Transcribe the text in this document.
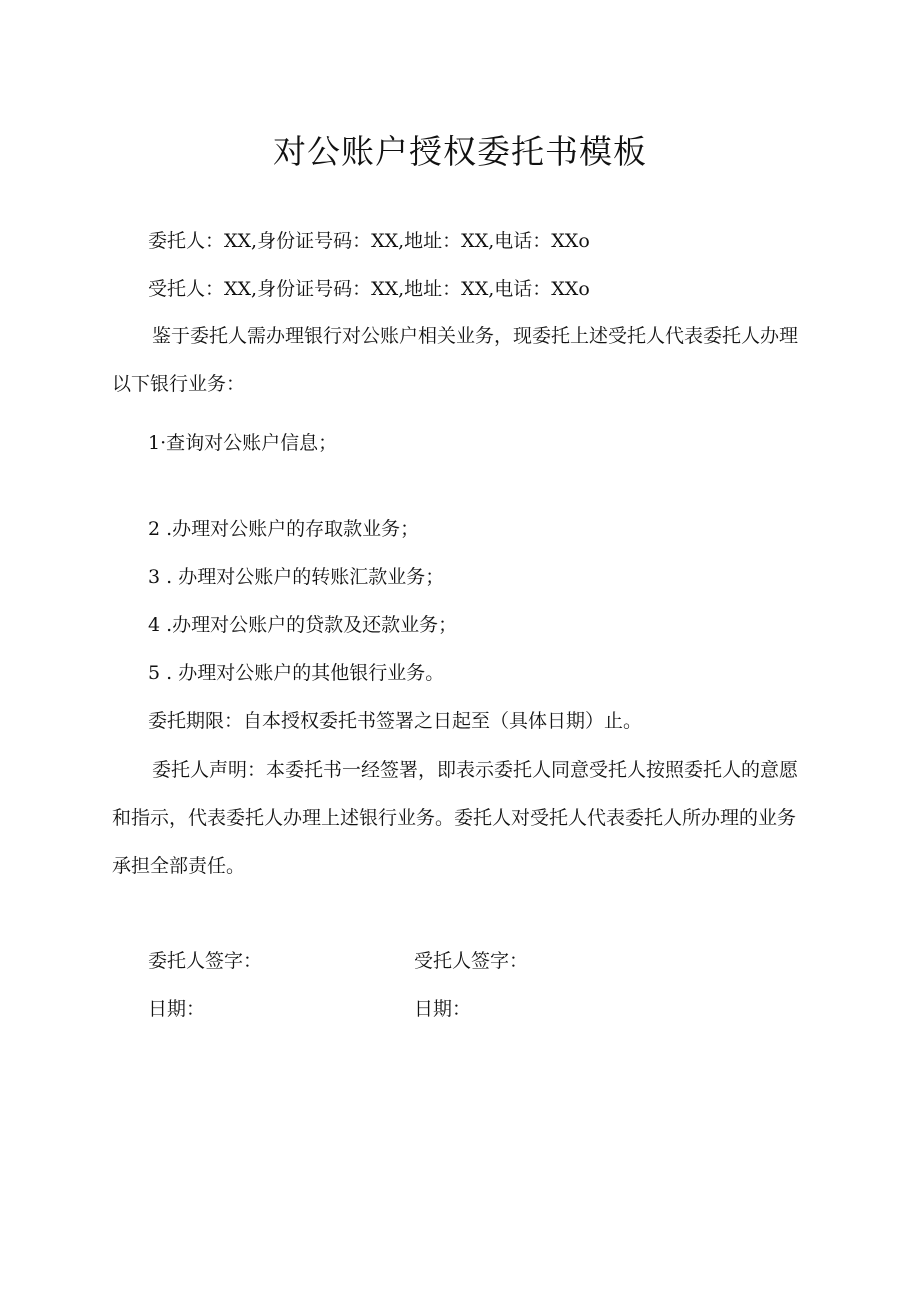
对公账户授权委托书模板
委托人：XX,身份证号码：XX,地址：XX,电话：XXo
受托人：XX,身份证号码：XX,地址：XX,电话：XXo
鉴于委托人需办理银行对公账户相关业务，现委托上述受托人代表委托人办理以下银行业务：
1·查询对公账户信息；
2 .办理对公账户的存取款业务；
3 . 办理对公账户的转账汇款业务；
4 .办理对公账户的贷款及还款业务；
5 . 办理对公账户的其他银行业务。
委托期限：自本授权委托书签署之日起至（具体日期）止。
委托人声明：本委托书一经签署，即表示委托人同意受托人按照委托人的意愿和指示，代表委托人办理上述银行业务。委托人对受托人代表委托人所办理的业务承担全部责任。
委托人签字：	受托人签字：
日期：	日期：
